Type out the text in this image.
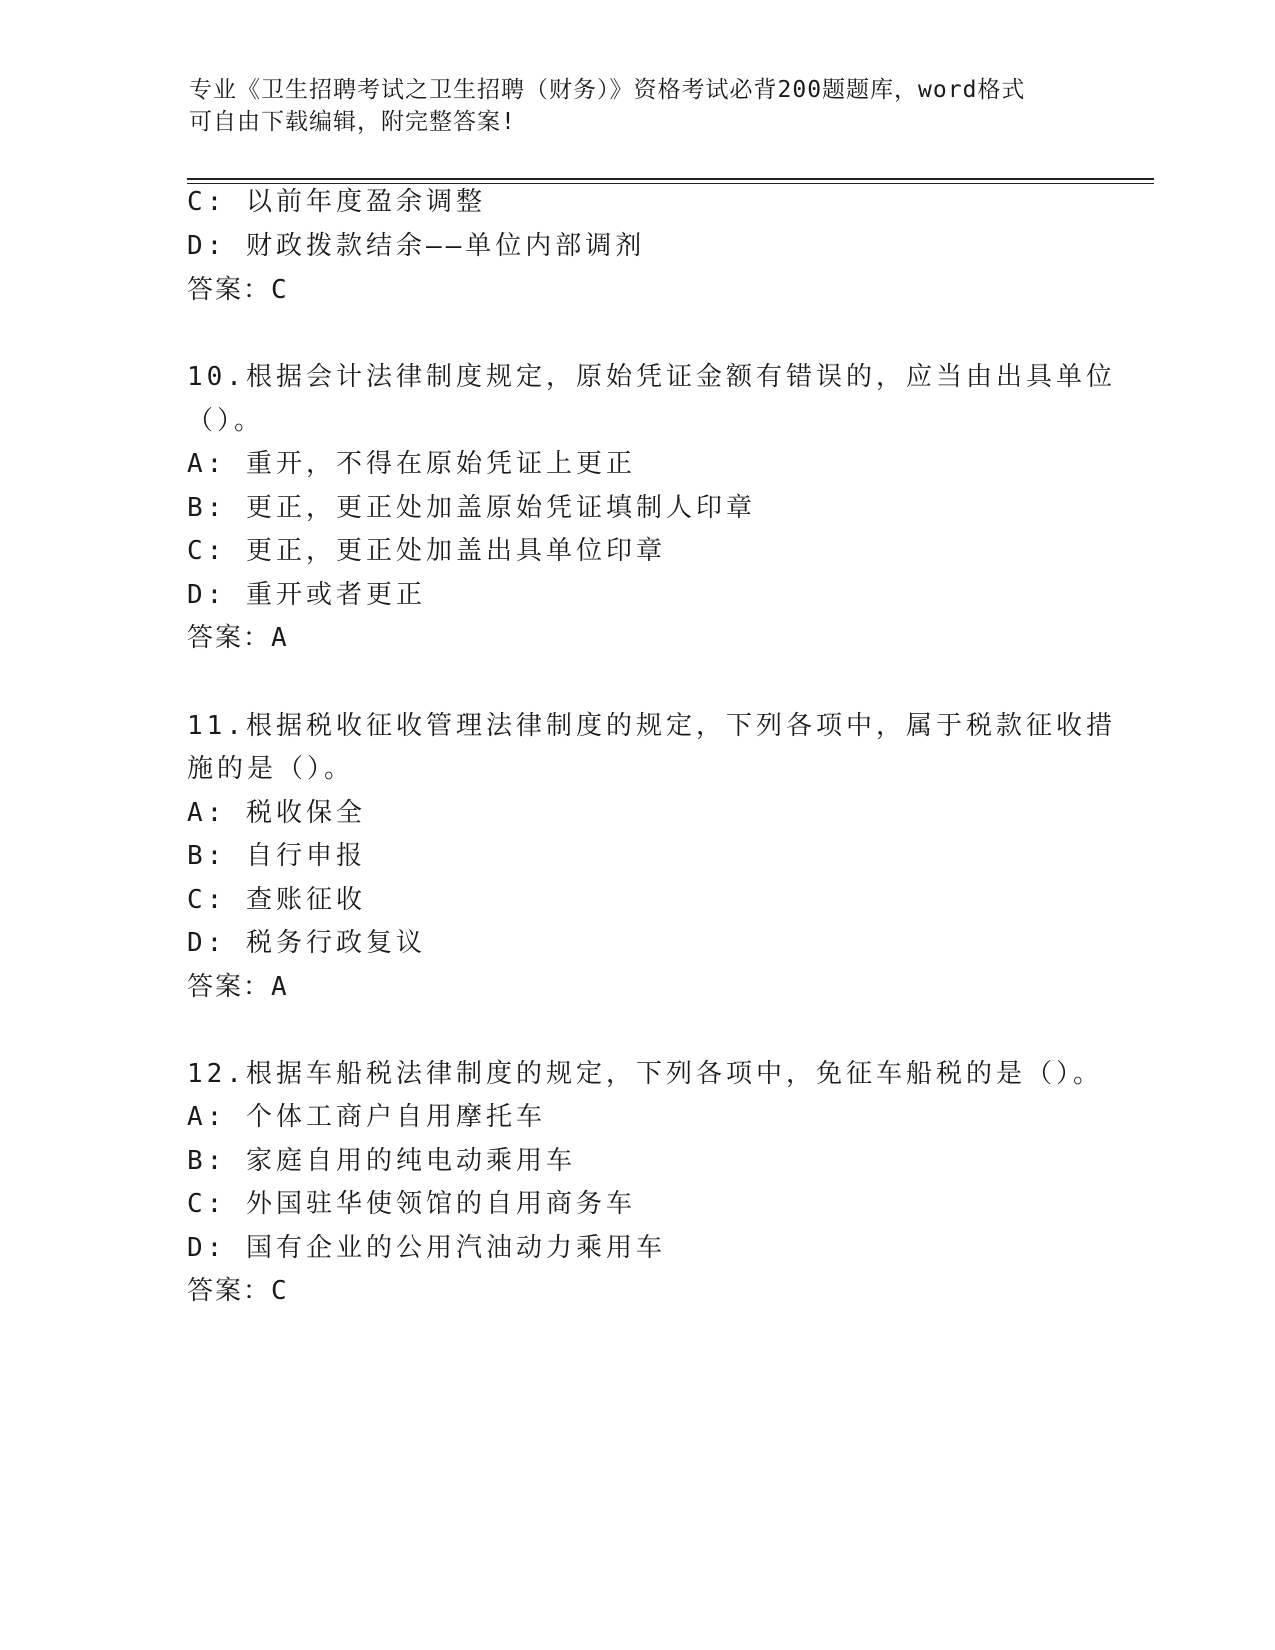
专业《卫生招聘考试之卫生招聘（财务）》资格考试必背200题题库，word格式
可自由下载编辑，附完整答案!
C: 以前年度盈余调整
D: 财政拨款结余——单位内部调剂
答案：C
10.根据会计法律制度规定，原始凭证金额有错误的，应当由出具单位
（）。
A: 重开，不得在原始凭证上更正
B: 更正，更正处加盖原始凭证填制人印章
C: 更正，更正处加盖出具单位印章
D: 重开或者更正
答案：A
11.根据税收征收管理法律制度的规定，下列各项中，属于税款征收措
施的是（）。
A: 税收保全
B: 自行申报
C: 查账征收
D: 税务行政复议
答案：A
12.根据车船税法律制度的规定，下列各项中，免征车船税的是（）。
A: 个体工商户自用摩托车
B: 家庭自用的纯电动乘用车
C: 外国驻华使领馆的自用商务车
D: 国有企业的公用汽油动力乘用车
答案：C
